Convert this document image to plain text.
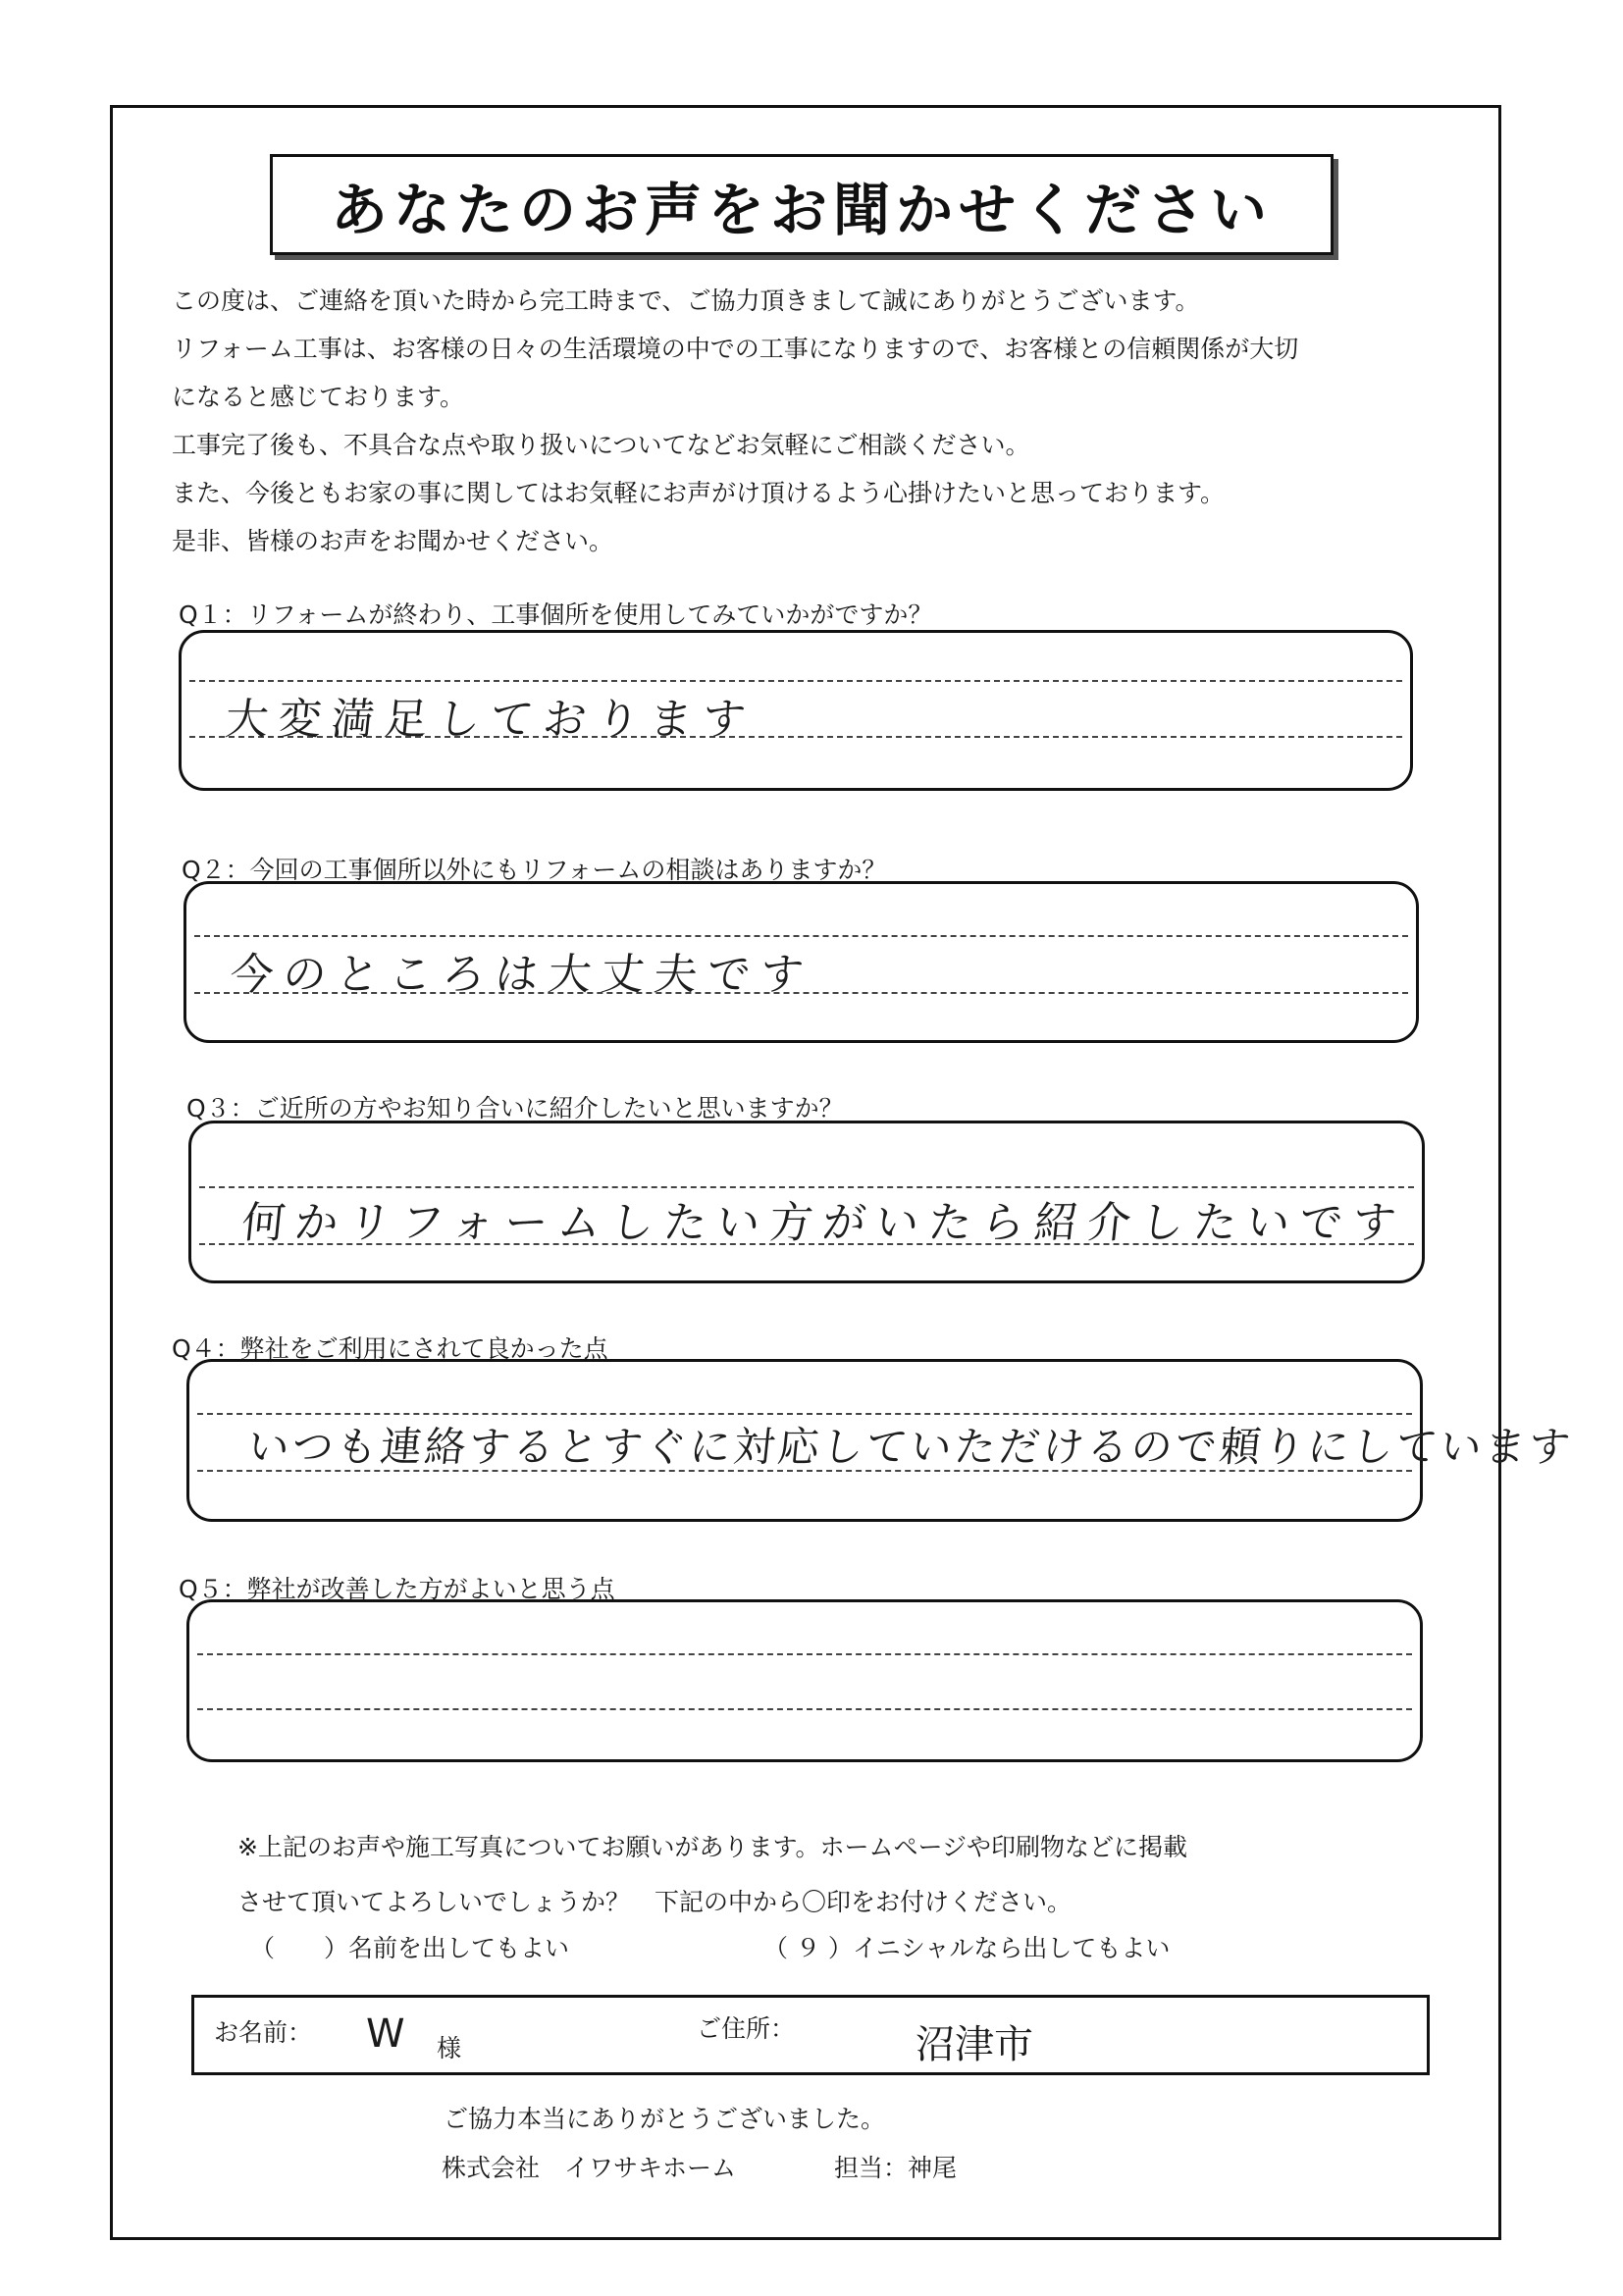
あなたのお声をお聞かせください
この度は、ご連絡を頂いた時から完工時まで、ご協力頂きまして誠にありがとうございます。
リフォーム工事は、お客様の日々の生活環境の中での工事になりますので、お客様との信頼関係が大切
になると感じております。
工事完了後も、不具合な点や取り扱いについてなどお気軽にご相談ください。
また、今後ともお家の事に関してはお気軽にお声がけ頂けるよう心掛けたいと思っております。
是非、皆様のお声をお聞かせください。
Q１：リフォームが終わり、工事個所を使用してみていかがですか？
大変満足しております
Q２：今回の工事個所以外にもリフォームの相談はありますか？
今のところは大丈夫です
Q３：ご近所の方やお知り合いに紹介したいと思いますか？
何かリフォームしたい方がいたら紹介したいです
Q４：弊社をご利用にされて良かった点
いつも連絡するとすぐに対応していただけるので頼りにしています
Q５：弊社が改善した方がよいと思う点
※上記のお声や施工写真についてお願いがあります。ホームページや印刷物などに掲載
させて頂いてよろしいでしょうか？　下記の中から〇印をお付けください。
（　　）名前を出してもよい	（ ９ ）イニシャルなら出してもよい
お名前： W 様
ご住所：	沼津市
ご協力本当にありがとうございました。
株式会社　イワサキホーム	担当：神尾
